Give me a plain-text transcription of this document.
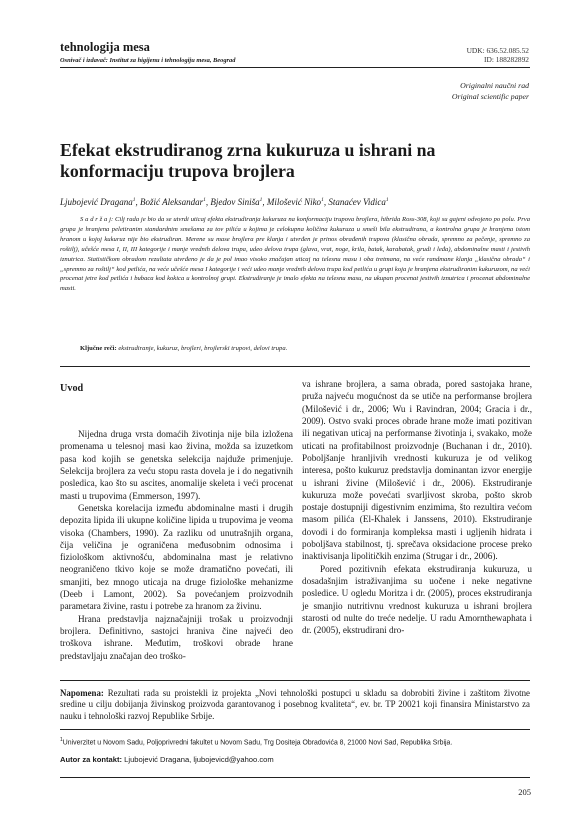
tehnologija mesa
Osnivač i izdavač: Institut za higijenu i tehnologiju mesa, Beograd
UDK: 636.52.085.52
ID: 188282892
Originalni naučni rad
Original scientific paper
Efekat ekstrudiranog zrna kukuruza u ishrani na
konformaciju trupova brojlera
Ljubojević Dragana$^1$, Božić Aleksandar$^1$, Bjedov Siniša$^1$, Milošević Niko$^1$, Stanaćev Vidica$^1$
S a d r ž a j: Cilj rada je bio da se utvrdi uticaj efekta ekstrudiranja kukuruza na konformaciju trupova brojlera, hibrida Ross-308, koji su gajeni odvojeno po polu. Prva grupa je hranjena peletiranim standardnim smešama za tov pilića u kojima je celokupna količina kukuruza u smeši bila ekstrudirana, a kontrolna grupa je hranjena istom hranom u kojoj kukuruz nije bio ekstrudiran. Merene su mase brojlera pre klanja i utvrđen je prinos obrađenih trupova (klasična obrada, spremno za pečenje, spremno za roštilj), učešće mesa I, II, III kategorije i manje vrednih delova trupa, udeo delova trupa (glava, vrat, noge, krila, batak, karabatak, grudi i leđa), abdominalne masti i jestivih iznutrica. Statističkom obradom rezultata utvrđeno je da je pol imao visoko značajan uticaj na telesnu masu i oba tretmana, na veće randmane klanja „klasična obrada“ i „spremno za roštilj“ kod petlića, na veće učešće mesa I kategorije i veći udeo manje vrednih delova trupa kod petlića u grupi koja je hranjena ekstrudiranim kukuruzom, na veći procenat jetre kod petlića i bubaca kod kokica u kontrolnoj grupi. Ekstrudiranje je imalo efekta na telesnu masu, na ukupan procenat jestivih iznutrica i procenat abdominalne masti.
Ključne reči: ekstrudiranje, kukuruz, brojleri, brojlerski trupovi, delovi trupa.
Uvod

Nijedna druga vrsta domaćih životinja nije bila izložena promenama u telesnoj masi kao živina, možda sa izuzetkom pasa kod kojih se genetska selekcija najduže primenjuje. Selekcija brojlera za veću stopu rasta dovela je i do negativnih posledica, kao što su ascites, anomalije skeleta i veći procenat masti u trupovima (Emmerson, 1997).

Genetska korelacija između abdominalne masti i drugih depozita lipida ili ukupne količine lipida u trupovima je veoma visoka (Chambers, 1990). Za razliku od unutrašnjih organa, čija veličina je ograničena međusobnim odnosima i fiziološkom aktivnošću, abdominalna mast je relativno neograničeno tkivo koje se može dramatično povećati, ili smanjiti, bez mnogo uticaja na druge fiziološke mehanizme (Deeb i Lamont, 2002). Sa povećanjem proizvodnih parametara živine, rastu i potrebe za hranom za živinu.

Hrana predstavlja najznačajniji trošak u proizvodnji brojlera. Definitivno, sastojci hraniva čine najveći deo troškova ishrane. Međutim, troškovi obrade hrane predstavljaju značajan deo troško-

va ishrane brojlera, a sama obrada, pored sastojaka hrane, pruža najveću mogućnost da se utiče na performanse brojlera (Milošević i dr., 2006; Wu i Ravindran, 2004; Gracia i dr., 2009). Ostvo svaki proces obrade hrane može imati pozitivan ili negativan uticaj na performanse životinja i, svakako, može uticati na profitabilnost proizvodnje (Buchanan i dr., 2010). Poboljšanje hranljivih vrednosti kukuruza je od velikog interesa, pošto kukuruz predstavlja dominantan izvor energije u ishrani živine (Milošević i dr., 2006). Ekstrudiranje kukuruza može povećati svarljivost skroba, pošto skrob postaje dostupniji digestivnim enzimima, što rezultira većom masom pilića (El-Khalek i Janssens, 2010). Ekstrudiranje dovodi i do formiranja kompleksa masti i ugljenih hidrata i poboljšava stabilnost, tj. sprečava oksidacione procese preko inaktivisanja lipolitičkih enzima (Strugar i dr., 2006).

Pored pozitivnih efekata ekstrudiranja kukuruza, u dosadašnjim istraživanjima su uočene i neke negativne posledice. U ogledu Moritza i dr. (2005), proces ekstrudiranja je smanjio nutritivnu vrednost kukuruza u ishrani brojlera starosti od nulte do treće nedelje. U radu Amornthewaphata i dr. (2005), ekstrudirani dro-

Napomena: Rezultati rada su proistekli iz projekta „Novi tehnološki postupci u skladu sa dobrobiti živine i zaštitom životne sredine u cilju dobijanja živinskog proizvoda garantovanog i posebnog kvaliteta“, ev. br. TP 20021 koji finansira Ministarstvo za nauku i tehnološki razvoj Republike Srbije.
$^1$Univerzitet u Novom Sadu, Poljoprivredni fakultet u Novom Sadu, Trg Dositeja Obradovića 8, 21000 Novi Sad, Republika Srbija.
Autor za kontakt: Ljubojević Dragana, ljubojevicd@yahoo.com
205
